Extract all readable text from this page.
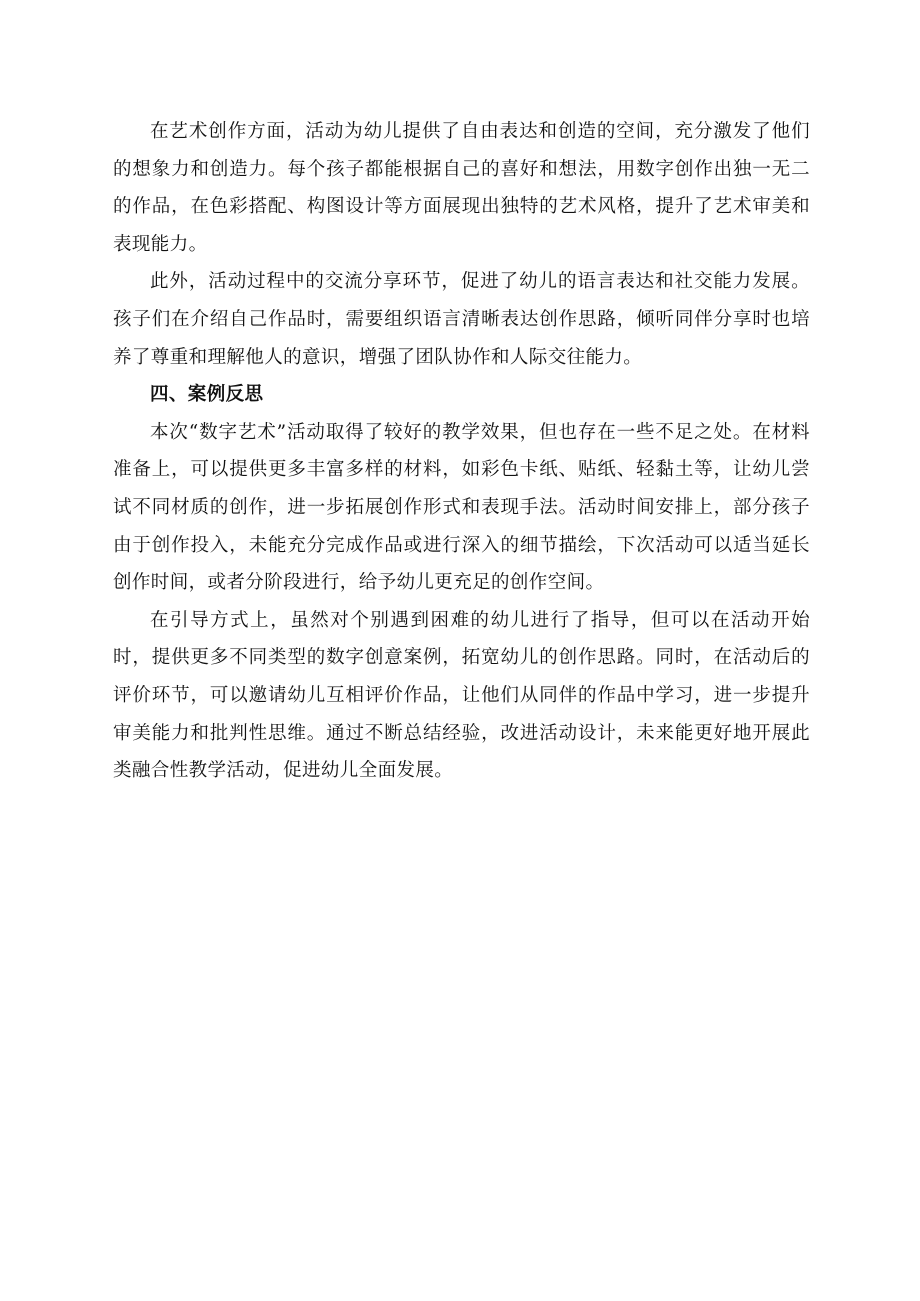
在艺术创作方面，活动为幼儿提供了自由表达和创造的空间，充分激发了他们的想象力和创造力。每个孩子都能根据自己的喜好和想法，用数字创作出独一无二的作品，在色彩搭配、构图设计等方面展现出独特的艺术风格，提升了艺术审美和表现能力。

此外，活动过程中的交流分享环节，促进了幼儿的语言表达和社交能力发展。孩子们在介绍自己作品时，需要组织语言清晰表达创作思路，倾听同伴分享时也培养了尊重和理解他人的意识，增强了团队协作和人际交往能力。

四、案例反思

本次“数字艺术”活动取得了较好的教学效果，但也存在一些不足之处。在材料准备上，可以提供更多丰富多样的材料，如彩色卡纸、贴纸、轻黏土等，让幼儿尝试不同材质的创作，进一步拓展创作形式和表现手法。活动时间安排上，部分孩子由于创作投入，未能充分完成作品或进行深入的细节描绘，下次活动可以适当延长创作时间，或者分阶段进行，给予幼儿更充足的创作空间。

在引导方式上，虽然对个别遇到困难的幼儿进行了指导，但可以在活动开始时，提供更多不同类型的数字创意案例，拓宽幼儿的创作思路。同时，在活动后的评价环节，可以邀请幼儿互相评价作品，让他们从同伴的作品中学习，进一步提升审美能力和批判性思维。通过不断总结经验，改进活动设计，未来能更好地开展此类融合性教学活动，促进幼儿全面发展。
